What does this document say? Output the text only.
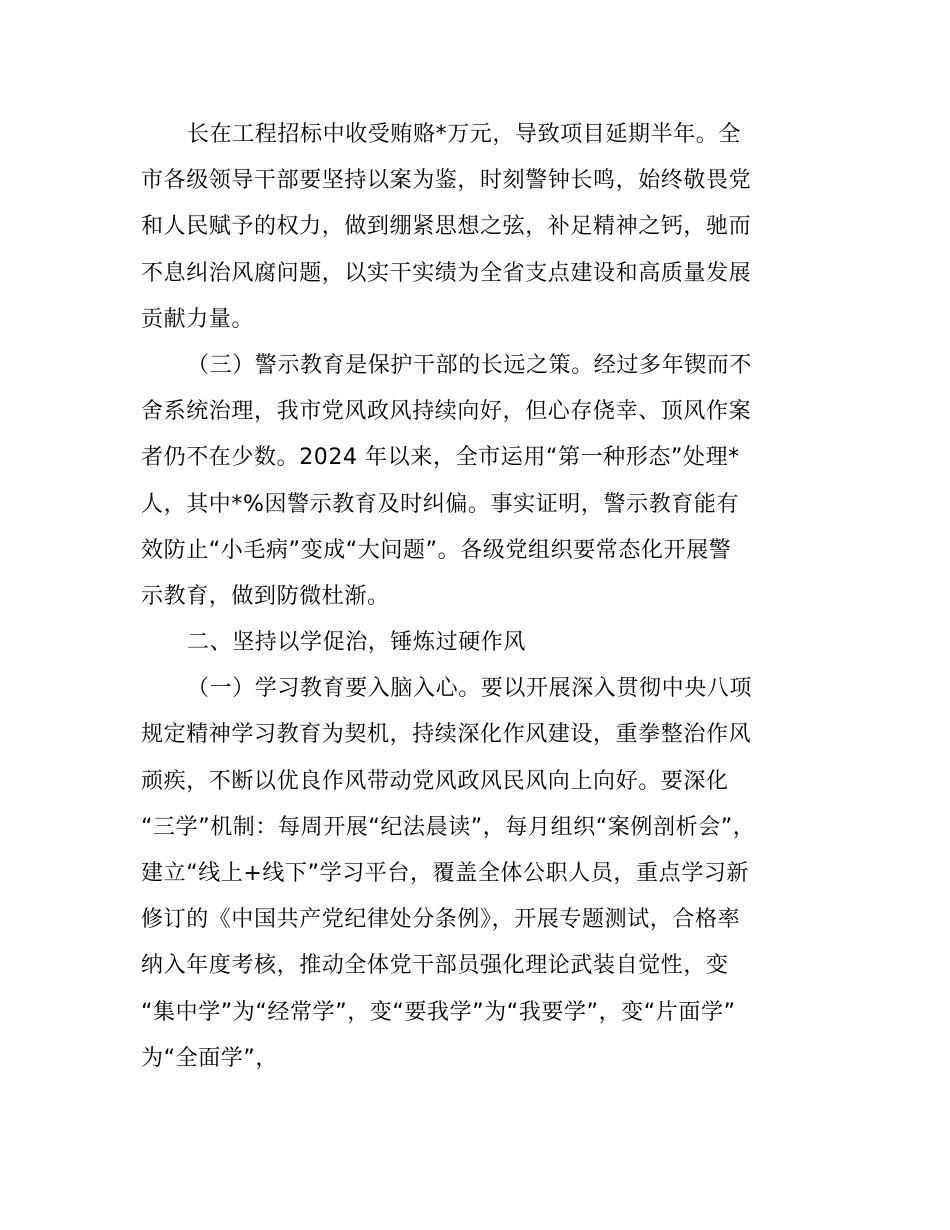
长在工程招标中收受贿赂*万元，导致项目延期半年。全
市各级领导干部要坚持以案为鉴，时刻警钟长鸣，始终敬畏党
和人民赋予的权力，做到绷紧思想之弦，补足精神之钙，驰而
不息纠治风腐问题，以实干实绩为全省支点建设和高质量发展
贡献力量。
（三）警示教育是保护干部的长远之策。经过多年锲而不
舍系统治理，我市党风政风持续向好，但心存侥幸、顶风作案
者仍不在少数。2024 年以来，全市运用“第一种形态”处理*
人，其中*%因警示教育及时纠偏。事实证明，警示教育能有
效防止“小毛病”变成“大问题”。各级党组织要常态化开展警
示教育，做到防微杜渐。
二、坚持以学促治，锤炼过硬作风
（一）学习教育要入脑入心。要以开展深入贯彻中央八项
规定精神学习教育为契机，持续深化作风建设，重拳整治作风
顽疾，不断以优良作风带动党风政风民风向上向好。要深化
“三学”机制：每周开展“纪法晨读”，每月组织“案例剖析会”，
建立“线上+线下”学习平台，覆盖全体公职人员，重点学习新
修订的《中国共产党纪律处分条例》，开展专题测试，合格率
纳入年度考核，推动全体党干部员强化理论武装自觉性，变
“集中学”为“经常学”，变“要我学”为“我要学”，变“片面学”
为“全面学”，
